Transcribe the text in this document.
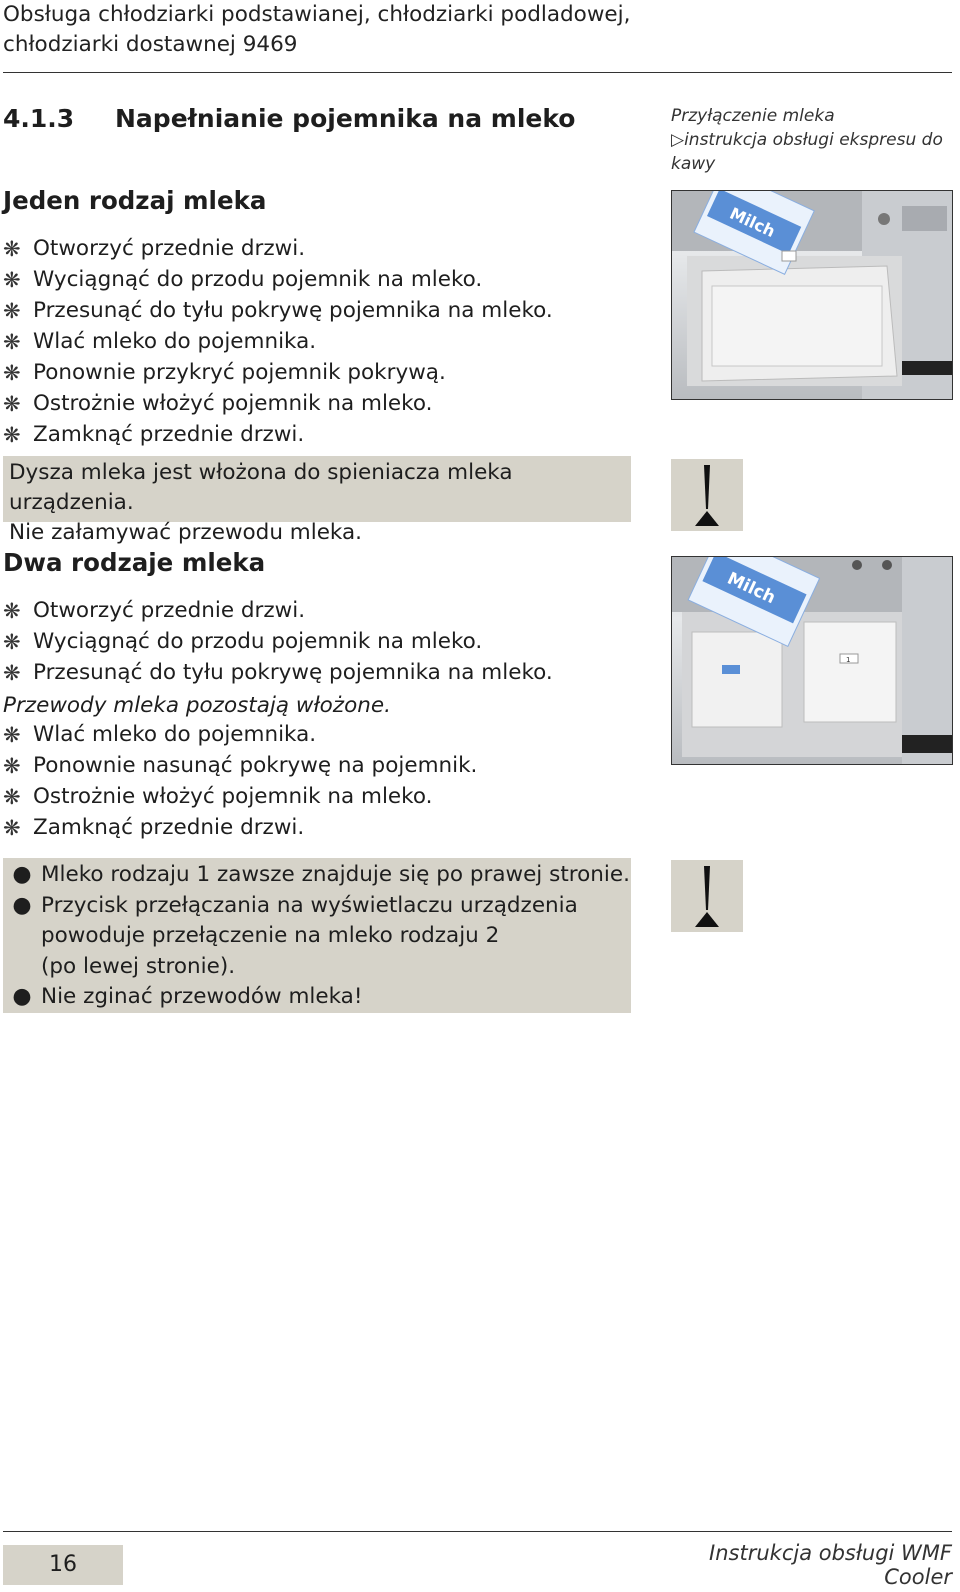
Obsługa chłodziarki podstawianej, chłodziarki podladowej,
chłodziarki dostawnej 9469
4.1.3 Napełnianie pojemnika na mleko	Przyłączenie mleka
▷instrukcja obsługi ekspresu do
kawy
Jeden rodzaj mleka
❋ Otworzyć przednie drzwi.
❋ Wyciągnąć do przodu pojemnik na mleko.
❋ Przesunąć do tyłu pokrywę pojemnika na mleko.
❋ Wlać mleko do pojemnika.
❋ Ponownie przykryć pojemnik pokrywą.
❋ Ostrożnie włożyć pojemnik na mleko.
❋ Zamknąć przednie drzwi.
Dysza mleka jest włożona do spieniacza mleka urządzenia.
Nie załamywać przewodu mleka.
Milch
Dwa rodzaje mleka
❋ Otworzyć przednie drzwi.
❋ Wyciągnąć do przodu pojemnik na mleko.
❋ Przesunąć do tyłu pokrywę pojemnika na mleko.
Przewody mleka pozostają włożone.
❋ Wlać mleko do pojemnika.
❋ Ponownie nasunąć pokrywę na pojemnik.
❋ Ostrożnie włożyć pojemnik na mleko.
❋ Zamknąć przednie drzwi.
● Mleko rodzaju 1 zawsze znajduje się po prawej stronie.
● Przycisk przełączania na wyświetlaczu urządzenia
powoduje przełączenie na mleko rodzaju 2
(po lewej stronie).
● Nie zginać przewodów mleka!
1
Milch
16	Instrukcja obsługi WMF Cooler
